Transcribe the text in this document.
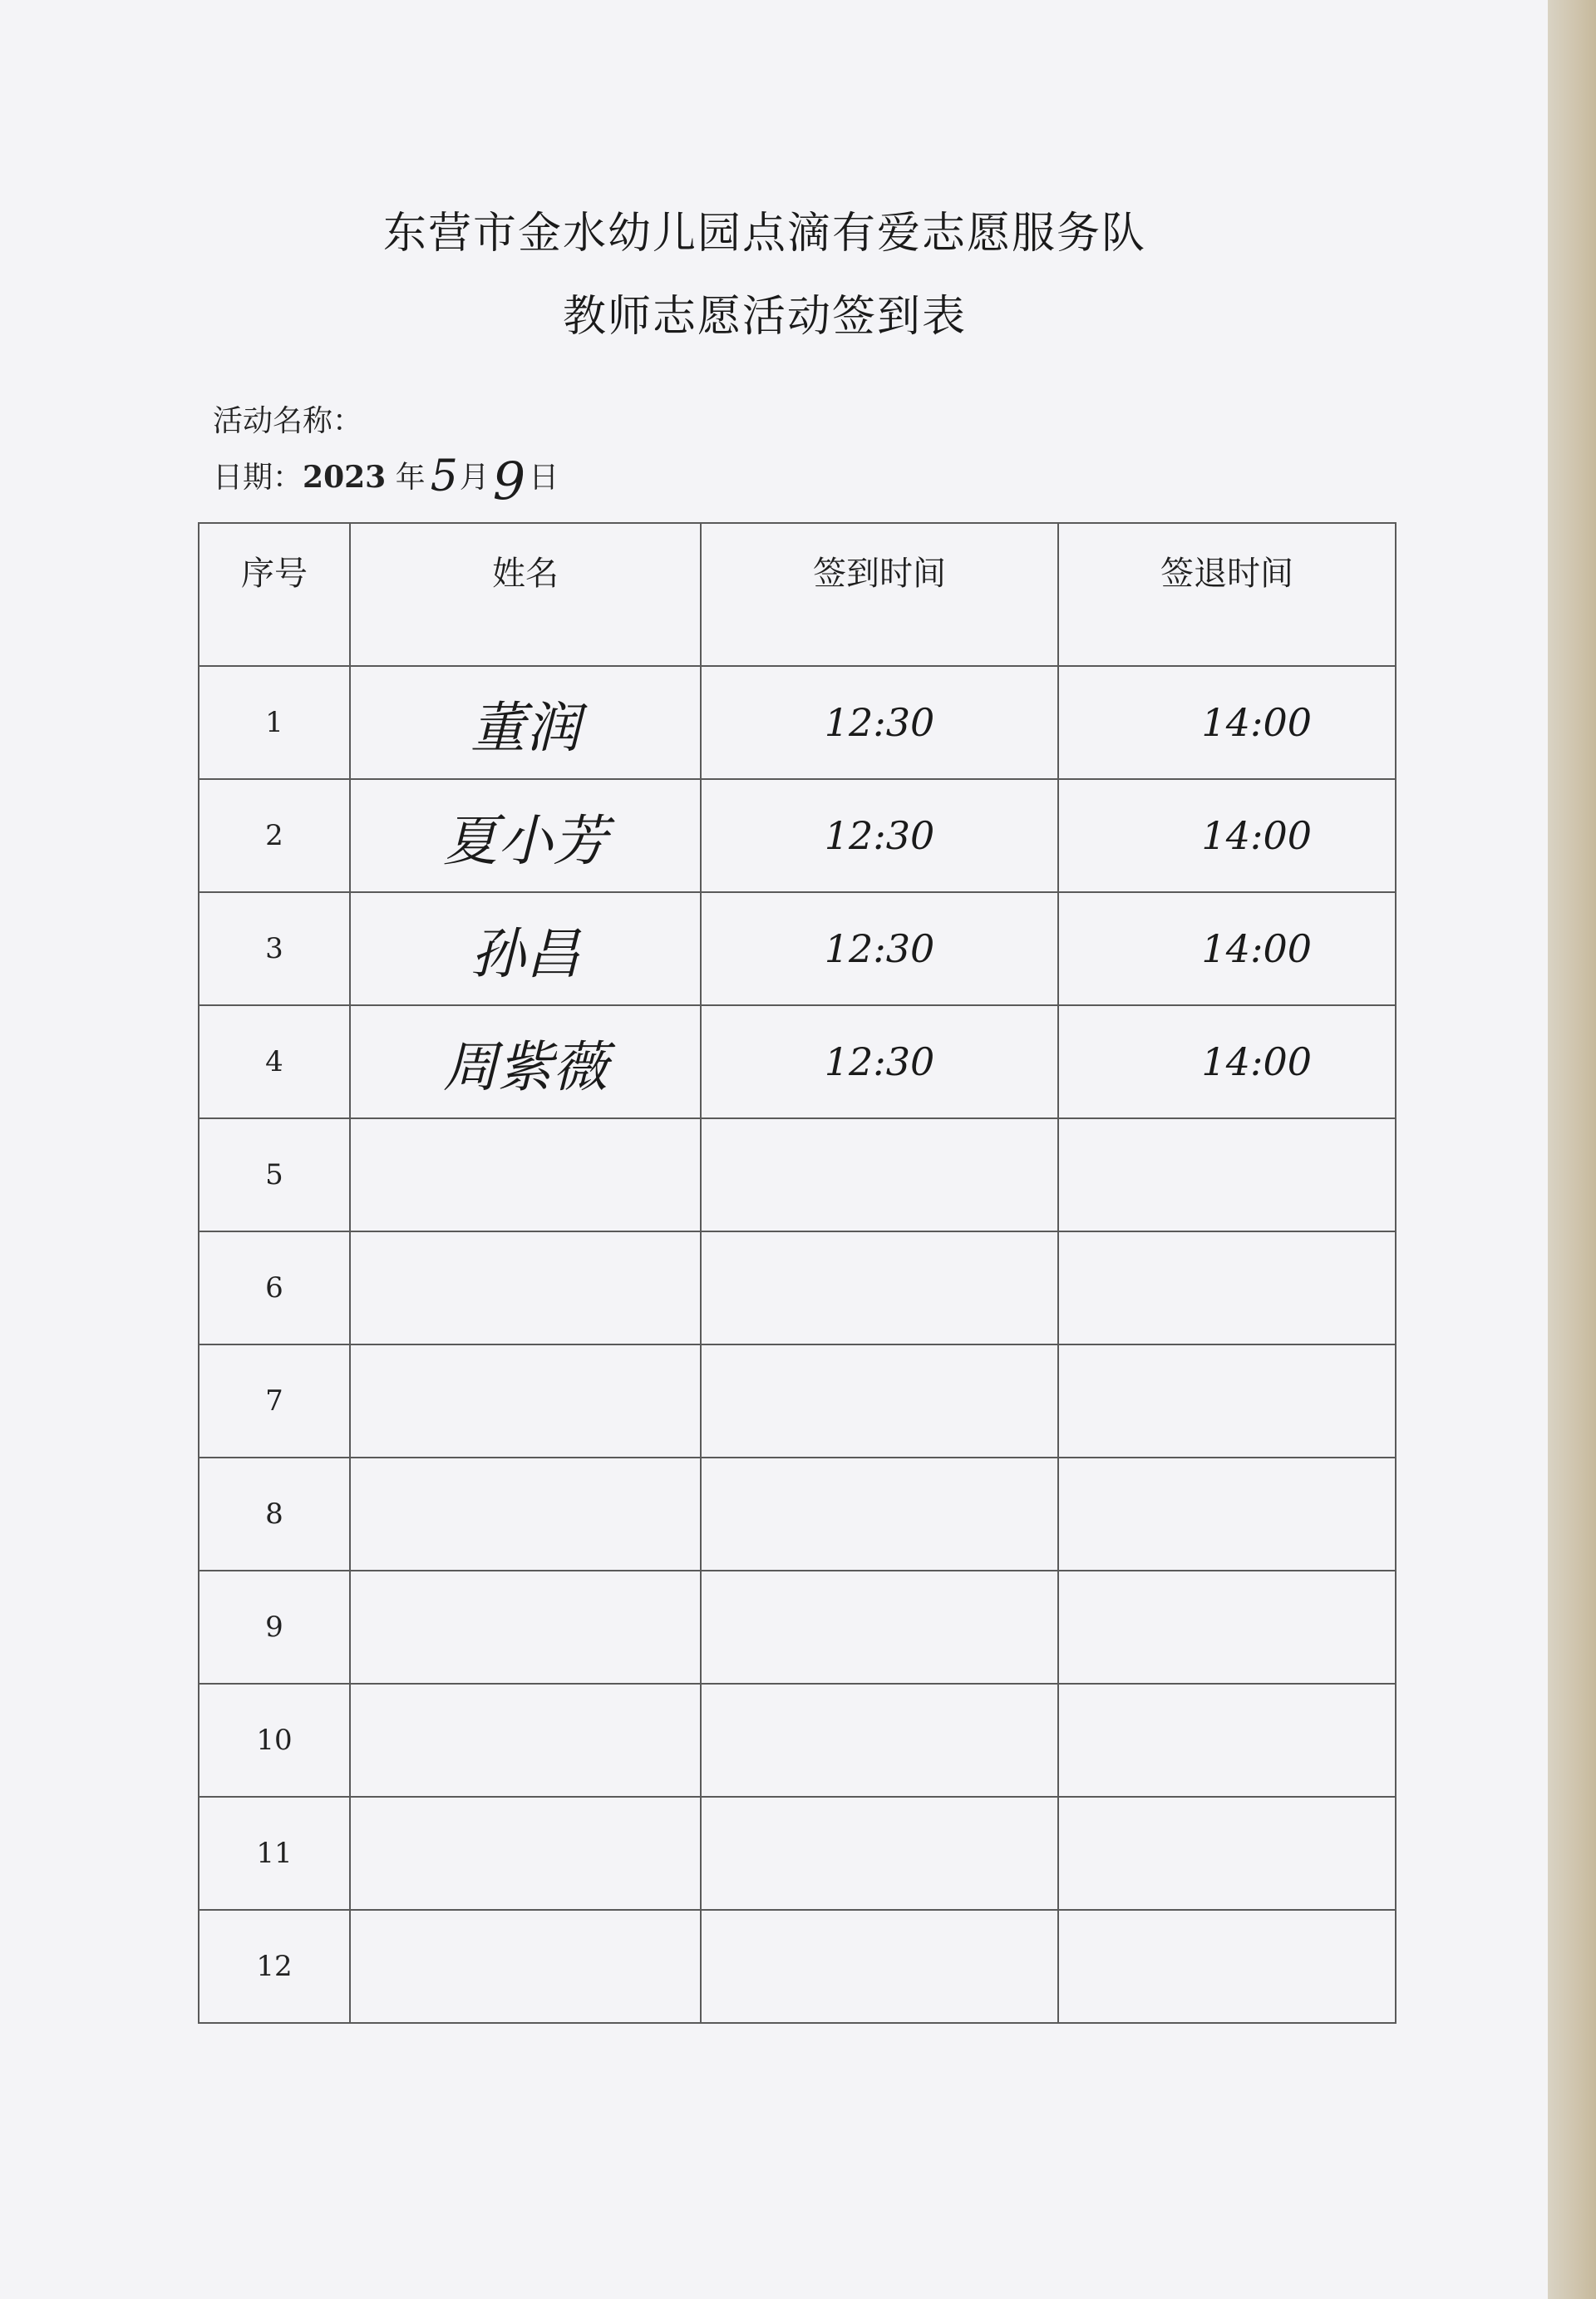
东营市金水幼儿园点滴有爱志愿服务队
教师志愿活动签到表
活动名称：
日期：2023 年 5月9 日
序号	姓名	签到时间	签退时间
1	董润	12:30	14:00
2	夏小芳	12:30	14:00
3	孙昌	12:30	14:00
4	周紫薇	12:30	14:00
5			
6			
7			
8			
9			
10			
11			
12			
